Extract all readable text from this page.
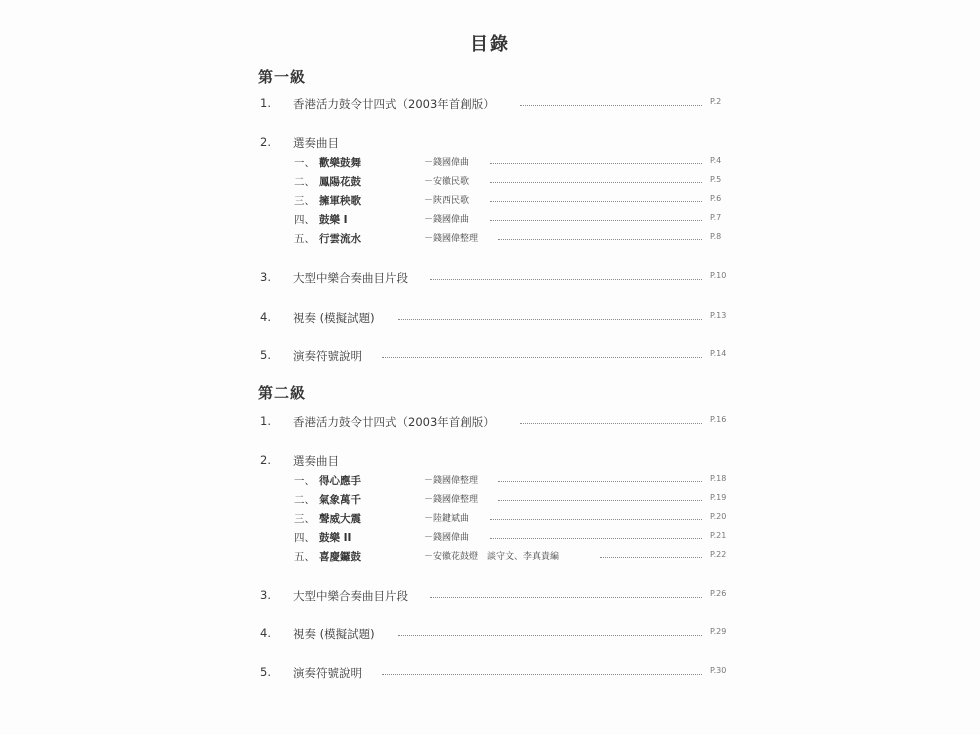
目錄
第一級
1. 香港活力鼓令廿四式（2003年首創版）	P.2
2. 選奏曲目
一、 歡樂鼓舞	－錢國偉曲	P.4
二、 鳳陽花鼓	－安徽民歌	P.5
三、 擁軍秧歌	－陝西民歌	P.6
四、 鼓樂 I	－錢國偉曲	P.7
五、 行雲流水	－錢國偉整理	P.8
3. 大型中樂合奏曲目片段	P.10
4. 視奏 (模擬試題)	P.13
5. 演奏符號說明	P.14
第二級
1. 香港活力鼓令廿四式（2003年首創版）	P.16
2. 選奏曲目
一、 得心應手	－錢國偉整理	P.18
二、 氣象萬千	－錢國偉整理	P.19
三、 聲威大震	－陸鍵斌曲	P.20
四、 鼓樂 II	－錢國偉曲	P.21
五、 喜慶鑼鼓	－安徽花鼓燈　談守文、李真貴編	P.22
3. 大型中樂合奏曲目片段	P.26
4. 視奏 (模擬試題)	P.29
5. 演奏符號說明	P.30
